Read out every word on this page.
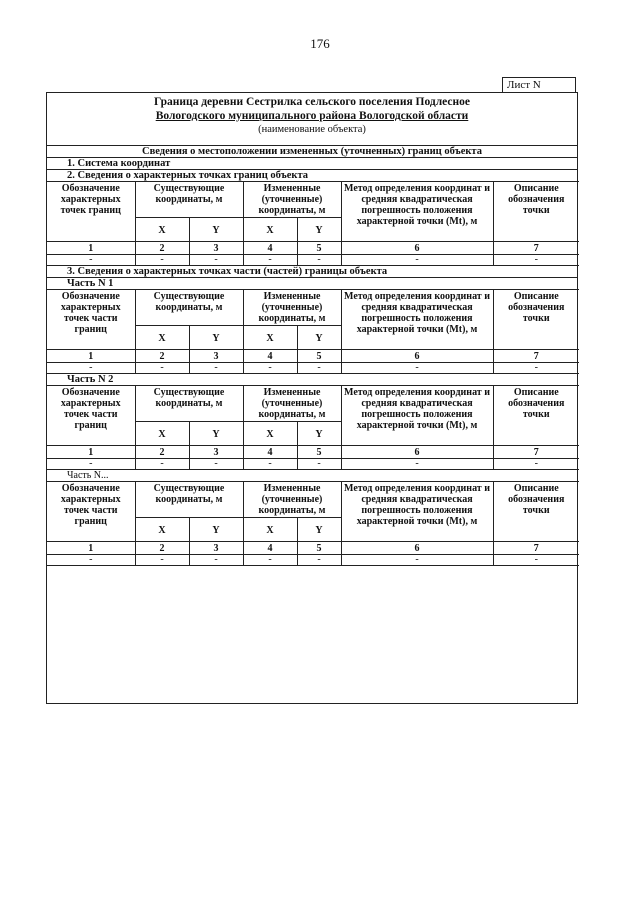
176
Лист N
Граница деревни Сестрилка сельского поселения Подлесное
Вологодского муниципального района Вологодской области
(наименование объекта)
Сведения о местоположении измененных (уточненных) границ объекта
1. Система координат
2. Сведения о характерных точках границ объекта
Обозначение характерных точек границ	Существующие координаты, м		Измененные (уточненные) координаты, м		Метод определения координат и средняя квадратическая погрешность положения характерной точки (Mt), м	Описание обозначения точки
	X	Y	X	Y		
1	2	3	4	5	6	7
-	-	-	-	-	-	-
3. Сведения о характерных точках части (частей) границы объекта
Часть N 1
Обозначение характерных точек части границ	Существующие координаты, м		Измененные (уточненные) координаты, м		Метод определения координат и средняя квадратическая погрешность положения характерной точки (Mt), м	Описание обозначения точки
	X	Y	X	Y		
1	2	3	4	5	6	7
-	-	-	-	-	-	-
Часть N 2
Обозначение характерных точек части границ	Существующие координаты, м		Измененные (уточненные) координаты, м		Метод определения координат и средняя квадратическая погрешность положения характерной точки (Mt), м	Описание обозначения точки
	X	Y	X	Y		
1	2	3	4	5	6	7
-	-	-	-	-	-	-
Часть N...
Обозначение характерных точек части границ	Существующие координаты, м		Измененные (уточненные) координаты, м		Метод определения координат и средняя квадратическая погрешность положения характерной точки (Mt), м	Описание обозначения точки
	X	Y	X	Y		
1	2	3	4	5	6	7
-	-	-	-	-	-	-
